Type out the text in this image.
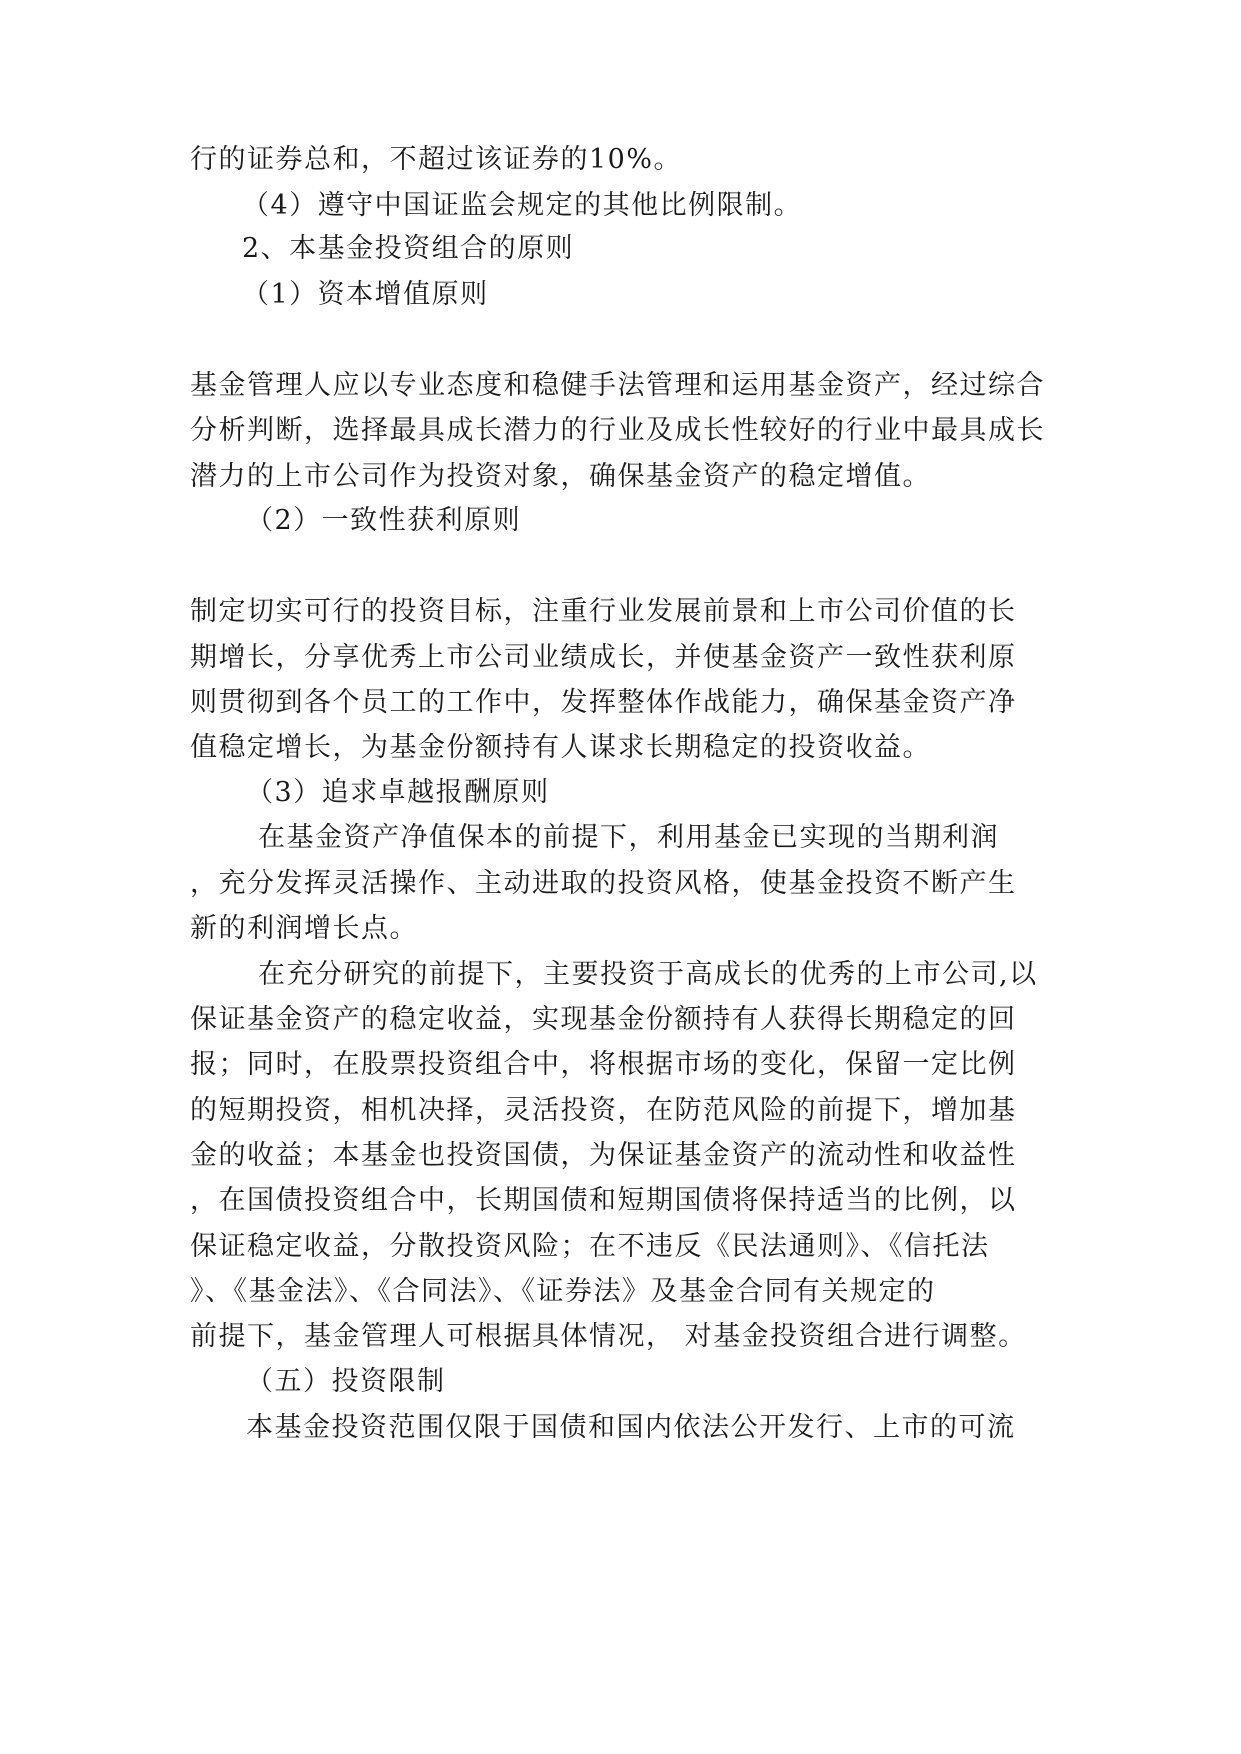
行的证券总和，不超过该证券的10%。
（4）遵守中国证监会规定的其他比例限制。
2、本基金投资组合的原则
（1）资本增值原则
基金管理人应以专业态度和稳健手法管理和运用基金资产，经过综合
分析判断，选择最具成长潜力的行业及成长性较好的行业中最具成长
潜力的上市公司作为投资对象，确保基金资产的稳定增值。
（2）一致性获利原则
制定切实可行的投资目标，注重行业发展前景和上市公司价值的长
期增长，分享优秀上市公司业绩成长，并使基金资产一致性获利原
则贯彻到各个员工的工作中，发挥整体作战能力，确保基金资产净
值稳定增长，为基金份额持有人谋求长期稳定的投资收益。
（3）追求卓越报酬原则
在基金资产净值保本的前提下，利用基金已实现的当期利润
，充分发挥灵活操作、主动进取的投资风格，使基金投资不断产生
新的利润增长点。
在充分研究的前提下，主要投资于高成长的优秀的上市公司,以
保证基金资产的稳定收益，实现基金份额持有人获得长期稳定的回
报；同时，在股票投资组合中，将根据市场的变化，保留一定比例
的短期投资，相机决择，灵活投资，在防范风险的前提下，增加基
金的收益；本基金也投资国债，为保证基金资产的流动性和收益性
，在国债投资组合中，长期国债和短期国债将保持适当的比例，以
保证稳定收益，分散投资风险；在不违反《民法通则》、《信托法
》、《基金法》、《合同法》、《证券法》及基金合同有关规定的
前提下，基金管理人可根据具体情况， 对基金投资组合进行调整。
（五）投资限制
本基金投资范围仅限于国债和国内依法公开发行、上市的可流
